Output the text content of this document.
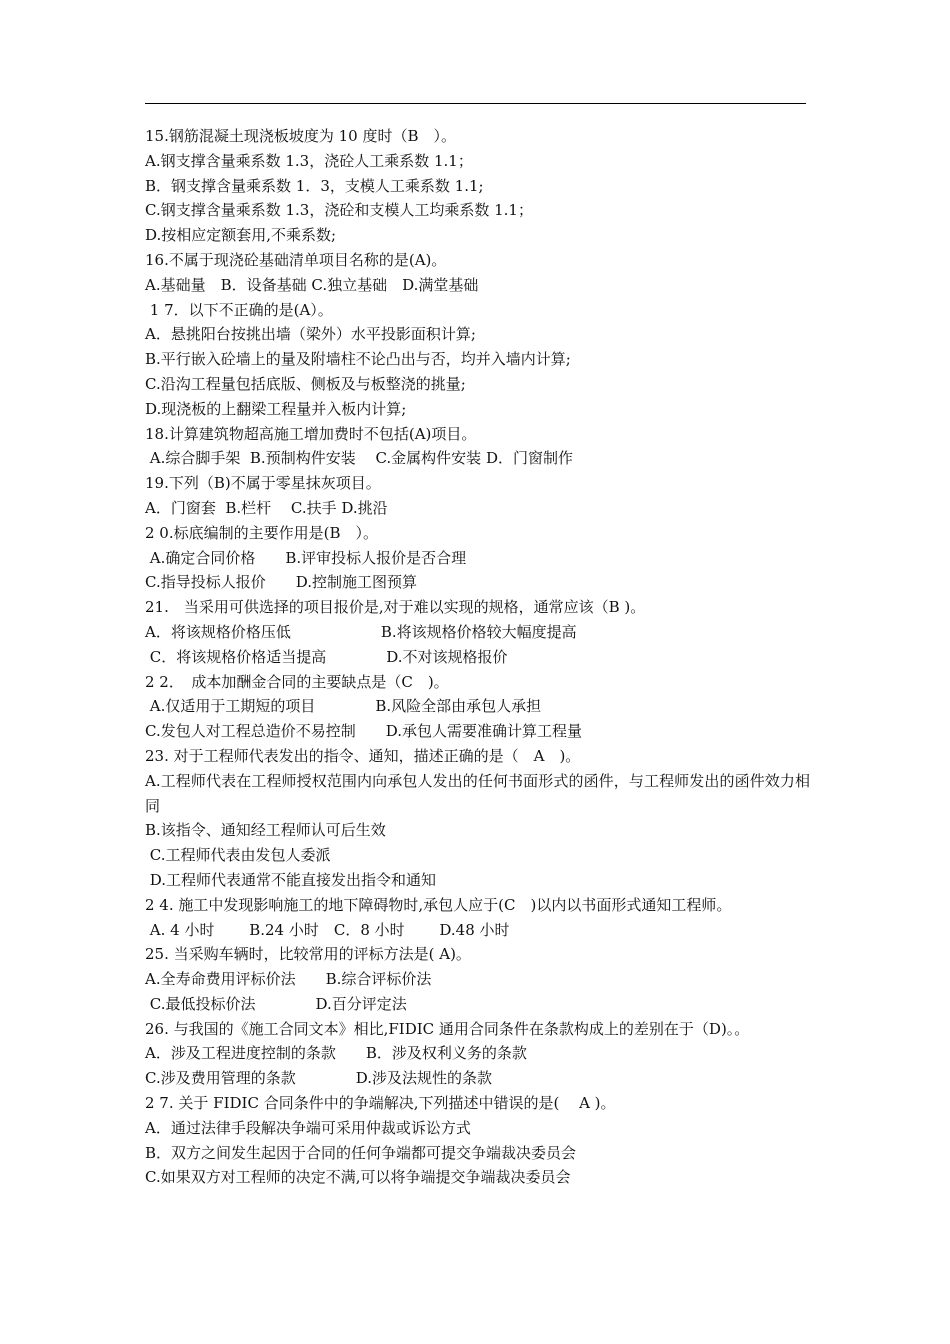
15.钢筋混凝土现浇板坡度为 10 度时（B　）。
A.钢支撑含量乘系数 1.3，浇砼人工乘系数 1.1；
B．钢支撑含量乘系数 1．3，支模人工乘系数 1.1;
C.钢支撑含量乘系数 1.3，浇砼和支模人工均乘系数 1.1；
D.按相应定额套用,不乘系数;
16.不属于现浇砼基础清单项目名称的是(A)。
A.基础量　B．设备基础 C.独立基础　D.满堂基础
1 7．以下不正确的是(A）。
A．悬挑阳台按挑出墙（梁外）水平投影面积计算;
B.平行嵌入砼墙上的量及附墙柱不论凸出与否，均并入墙内计算;
C.沿沟工程量包括底版、侧板及与板整浇的挑量;
D.现浇板的上翻梁工程量并入板内计算;
18.计算建筑物超高施工增加费时不包括(A)项目。
A.综合脚手架  B.预制构件安装　 C.金属构件安装 D．门窗制作
19.下列（B)不属于零星抹灰项目。
A．门窗套  B.栏杆　 C.扶手 D.挑沿
2 0.标底编制的主要作用是(B　）。
A.确定合同价格　　B.评审投标人报价是否合理
C.指导投标人报价　　D.控制施工图预算
21.　当采用可供选择的项目报价是,对于难以实现的规格，通常应该（B )。
A．将该规格价格压低　　　　　　B.将该规格价格较大幅度提高
C．将该规格价格适当提高　　　　D.不对该规格报价
2 2．　成本加酬金合同的主要缺点是（C　)。
A.仅适用于工期短的项目　　　　B.风险全部由承包人承担
C.发包人对工程总造价不易控制　　D.承包人需要准确计算工程量
23. 对于工程师代表发出的指令、通知，描述正确的是（　A　)。
A.工程师代表在工程师授权范围内向承包人发出的任何书面形式的函件，与工程师发出的函件效力相同
B.该指令、通知经工程师认可后生效
C.工程师代表由发包人委派
D.工程师代表通常不能直接发出指令和通知
2 4. 施工中发现影响施工的地下障碍物时,承包人应于(C　)以内以书面形式通知工程师。
A. 4 小时　　 B.24 小时　C．8 小时　　 D.48 小时
25. 当采购车辆时，比较常用的评标方法是( A)。
A.全寿命费用评标价法　　B.综合评标价法
C.最低投标价法　　　　D.百分评定法
26. 与我国的《施工合同文本》相比,FIDIC 通用合同条件在条款构成上的差别在于（D)。。
A．涉及工程进度控制的条款　　B．涉及权利义务的条款
C.涉及费用管理的条款　　　　D.涉及法规性的条款
2 7. 关于 FIDIC 合同条件中的争端解决,下列描述中错误的是(　 A )。
A．通过法律手段解决争端可采用仲裁或诉讼方式
B．双方之间发生起因于合同的任何争端都可提交争端裁决委员会
C.如果双方对工程师的决定不满,可以将争端提交争端裁决委员会
